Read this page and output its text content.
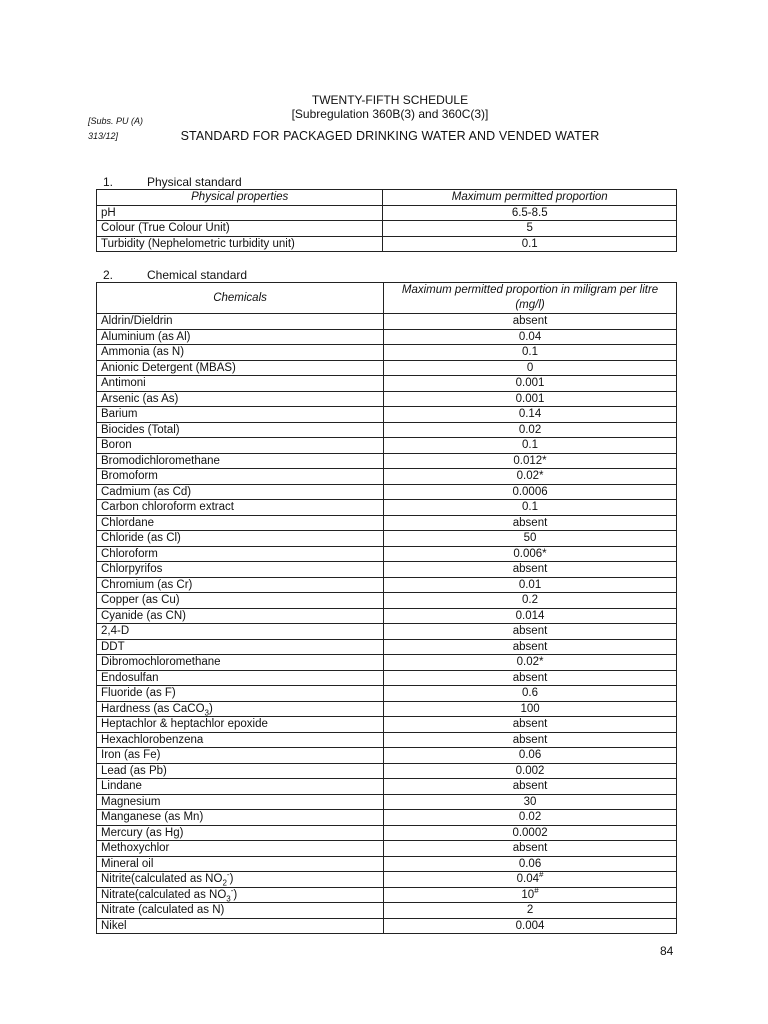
[Subs. PU (A)
313/12]
TWENTY-FIFTH SCHEDULE
[Subregulation 360B(3) and 360C(3)]
STANDARD FOR PACKAGED DRINKING WATER AND VENDED WATER
1.	Physical standard
Physical properties	Maximum permitted proportion
pH	6.5-8.5
Colour (True Colour Unit)	5
Turbidity (Nephelometric turbidity unit)	0.1
2.	Chemical standard
Chemicals	Maximum permitted proportion in miligram per litre (mg/l)
Aldrin/Dieldrin	absent
Aluminium (as Al)	0.04
Ammonia (as N)	0.1
Anionic Detergent (MBAS)	0
Antimoni	0.001
Arsenic (as As)	0.001
Barium	0.14
Biocides (Total)	0.02
Boron	0.1
Bromodichloromethane	0.012*
Bromoform	0.02*
Cadmium (as Cd)	0.0006
Carbon chloroform extract	0.1
Chlordane	absent
Chloride (as Cl)	50
Chloroform	0.006*
Chlorpyrifos	absent
Chromium (as Cr)	0.01
Copper (as Cu)	0.2
Cyanide (as CN)	0.014
2,4-D	absent
DDT	absent
Dibromochloromethane	0.02*
Endosulfan	absent
Fluoride (as F)	0.6
Hardness (as CaCO$_3$)	100
Heptachlor & heptachlor epoxide	absent
Hexachlorobenzena	absent
Iron (as Fe)	0.06
Lead (as Pb)	0.002
Lindane	absent
Magnesium	30
Manganese (as Mn)	0.02
Mercury (as Hg)	0.0002
Methoxychlor	absent
Mineral oil	0.06
Nitrite(calculated as $NO_2^-$)	0.04#
Nitrate(calculated as $NO_3^-$)	10#
Nitrate (calculated as N)	2
Nikel	0.004
84
